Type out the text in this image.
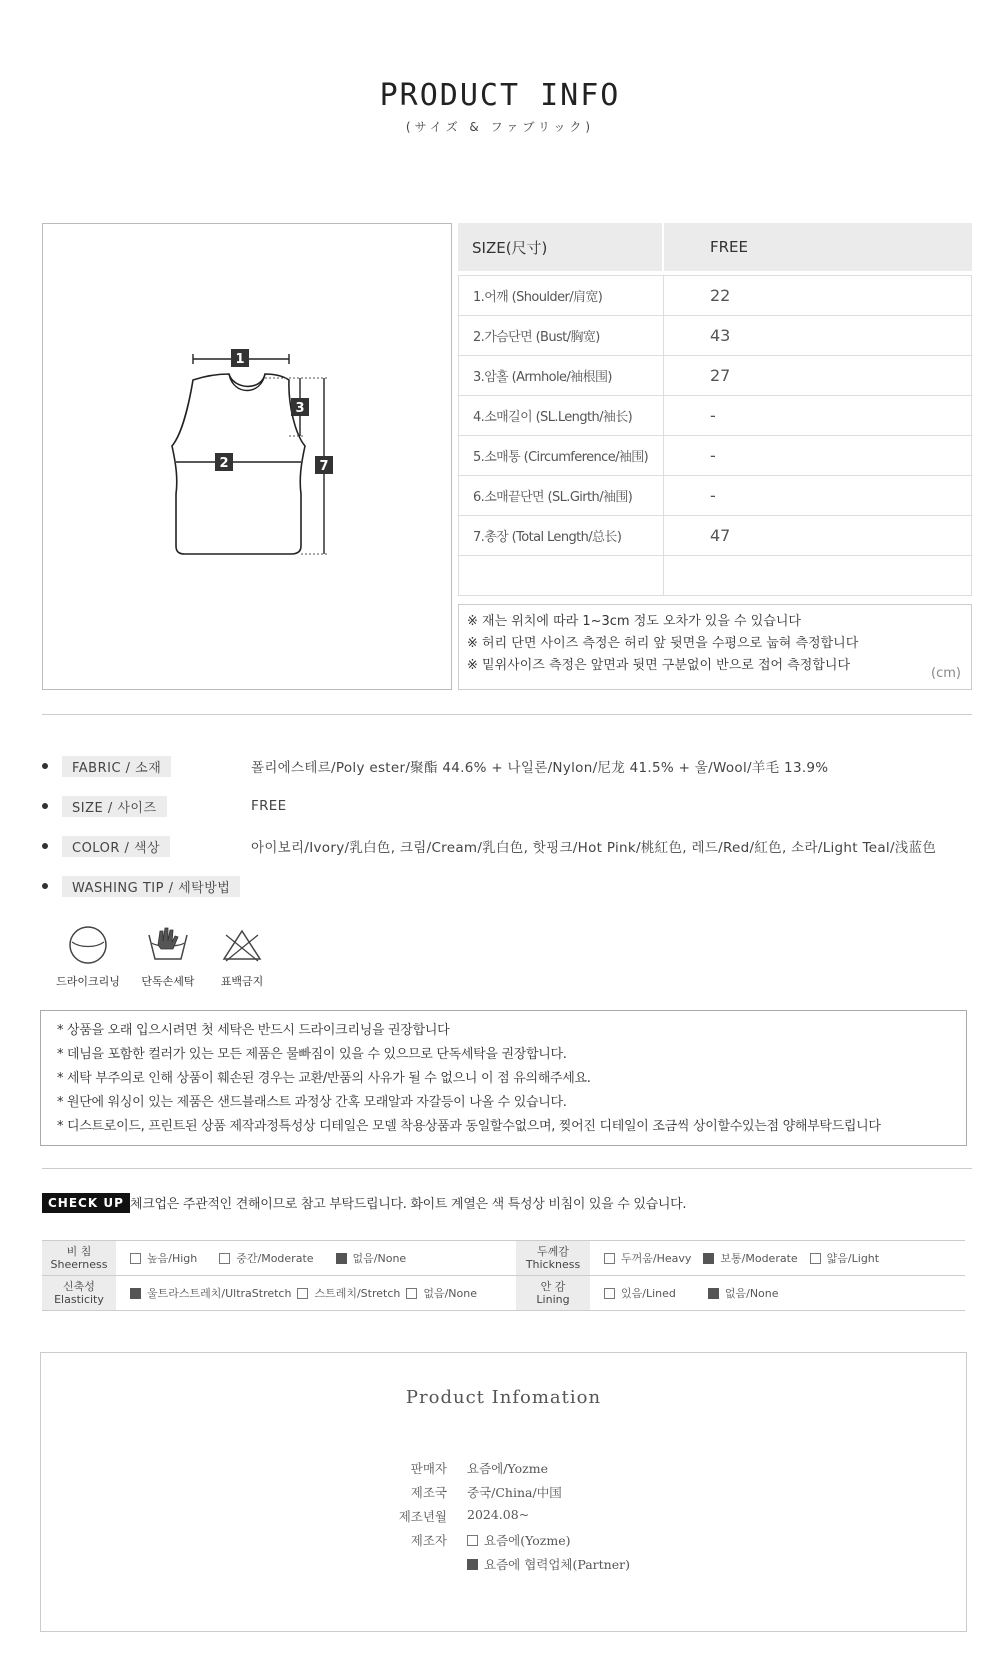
PRODUCT INFO
(サイズ & ファブリック)
1
2
3
7
SIZE(尺寸)	FREE
1.어깨 (Shoulder/肩宽)	22
2.가슴단면 (Bust/胸宽)	43
3.암홀 (Armhole/袖根围)	27
4.소매길이 (SL.Length/袖长)	-
5.소매통 (Circumference/袖围)	-
6.소매끝단면 (SL.Girth/袖围)	-
7.총장 (Total Length/总长)	47

※ 재는 위치에 따라 1~3cm 정도 오차가 있을 수 있습니다

※ 허리 단면 사이즈 측정은 허리 앞 뒷면을 수평으로 눕혀 측정합니다

※ 밑위사이즈 측정은 앞면과 뒷면 구분없이 반으로 접어 측정합니다

(cm)
FABRIC / 소재	폴리에스테르/Poly ester/聚酯 44.6% + 나일론/Nylon/尼龙 41.5% + 울/Wool/羊毛 13.9%
SIZE / 사이즈	FREE
COLOR / 색상	아이보리/Ivory/乳白色, 크림/Cream/乳白色, 핫핑크/Hot Pink/桃紅色, 레드/Red/紅色, 소라/Light Teal/浅蓝色
WASHING TIP / 세탁방법
드라이크리닝	단독손세탁	표백금지

* 상품을 오래 입으시려면 첫 세탁은 반드시 드라이크리닝을 권장합니다

* 데님을 포함한 컬러가 있는 모든 제품은 물빠짐이 있을 수 있으므로 단독세탁을 권장합니다.

* 세탁 부주의로 인해 상품이 훼손된 경우는 교환/반품의 사유가 될 수 없으니 이 점 유의해주세요.

* 원단에 워싱이 있는 제품은 샌드블래스트 과정상 간혹 모래알과 자갈등이 나올 수 있습니다.

* 디스트로이드, 프린트된 상품 제작과정특성상 디테일은 모델 착용상품과 동일할수없으며, 찢어진 디테일이 조금씩 상이할수있는점 양해부탁드립니다

CHECK UP 체크업은 주관적인 견해이므로 참고 부탁드립니다. 화이트 계열은 색 특성상 비침이 있을 수 있습니다.
비 침
Sheerness	높음/High	중간/Moderate	없음/None
두께감
Thickness	두꺼움/Heavy	보통/Moderate	얇음/Light
신축성
Elasticity	울트라스트레치/UltraStretch 스트레치/Stretch 없음/None
안 감
Lining	있음/Lined	없음/None
Product Infomation
판매자 요즘에/Yozme
제조국 중국/China/中国
제조년월 2024.08~
제조자	요즘에(Yozme)
요즘에 협력업체(Partner)
